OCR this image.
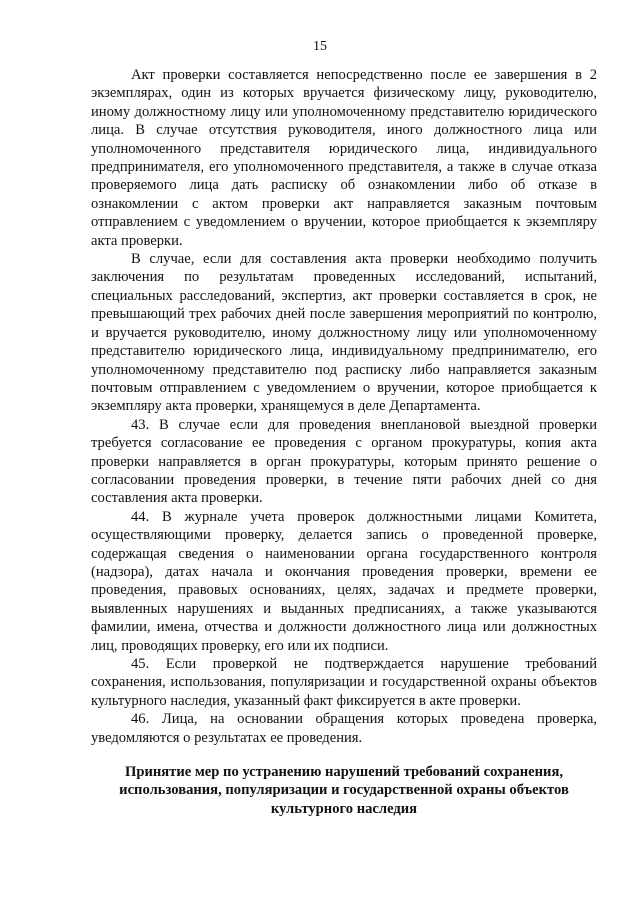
15

Акт проверки составляется непосредственно после ее завершения в 2 экземплярах, один из которых вручается физическому лицу, руководителю, иному должностному лицу или уполномоченному представителю юридического лица. В случае отсутствия руководителя, иного должностного лица или уполномоченного представителя юридического лица, индивидуального предпринимателя, его уполномоченного представителя, а также в случае отказа проверяемого лица дать расписку об ознакомлении либо об отказе в ознакомлении с актом проверки акт направляется заказным почтовым отправлением с уведомлением о вручении, которое приобщается к экземпляру акта проверки.

В случае, если для составления акта проверки необходимо получить заключения по результатам проведенных исследований, испытаний, специальных расследований, экспертиз, акт проверки составляется в срок, не превышающий трех рабочих дней после завершения мероприятий по контролю, и вручается руководителю, иному должностному лицу или уполномоченному представителю юридического лица, индивидуальному предпринимателю, его уполномоченному представителю под расписку либо направляется заказным почтовым отправлением с уведомлением о вручении, которое приобщается к экземпляру акта проверки, хранящемуся в деле Департамента.

43. В случае если для проведения внеплановой выездной проверки требуется согласование ее проведения с органом прокуратуры, копия акта проверки направляется в орган прокуратуры, которым принято решение о согласовании проведения проверки, в течение пяти рабочих дней со дня составления акта проверки.

44. В журнале учета проверок должностными лицами Комитета, осуществляющими проверку, делается запись о проведенной проверке, содержащая сведения о наименовании органа государственного контроля (надзора), датах начала и окончания проведения проверки, времени ее проведения, правовых основаниях, целях, задачах и предмете проверки, выявленных нарушениях и выданных предписаниях, а также указываются фамилии, имена, отчества и должности должностного лица или должностных лиц, проводящих проверку, его или их подписи.

45. Если проверкой не подтверждается нарушение требований сохранения, использования, популяризации и государственной охраны объектов культурного наследия, указанный факт фиксируется в акте проверки.

46. Лица, на основании обращения которых проведена проверка, уведомляются о результатах ее проведения.

Принятие мер по устранению нарушений требований сохранения, использования, популяризации и государственной охраны объектов культурного наследия
